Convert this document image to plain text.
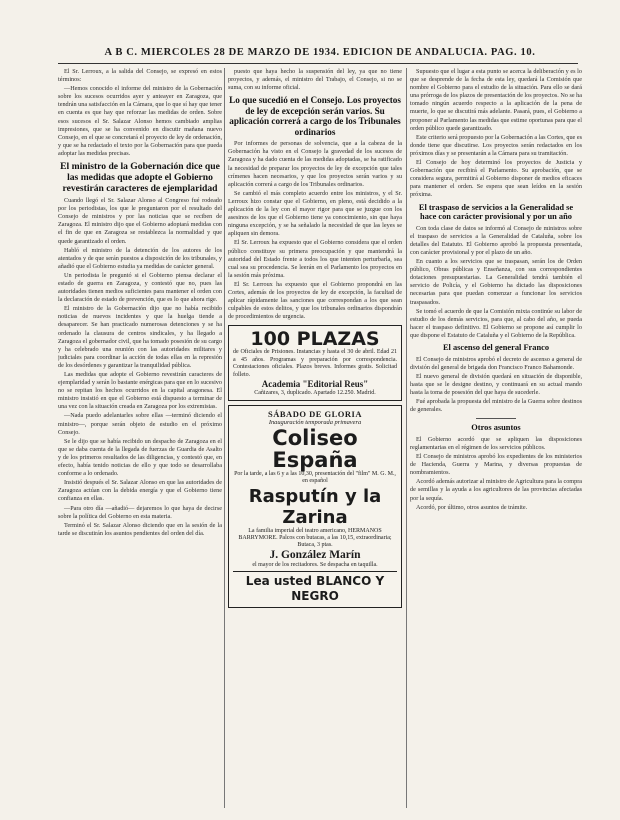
A B C. MIERCOLES 28 DE MARZO DE 1934. EDICION DE ANDALUCIA. PAG. 10.

El Sr. Lerroux, a la salida del Consejo, se expresó en estos términos:

—Hemos conocido el informe del ministro de la Gobernación sobre los sucesos ocurridos ayer y anteayer en Zaragoza, que tendrán una satisfacción en la Cámara, que lo que sí hay que tener en cuenta es que hay que reforzar las medidas de orden. Sobre esos sucesos el Sr. Salazar Alonso hemos cambiado amplias impresiones, que se ha convenido en discutir mañana nuevo Consejo, en el que se concretará el proyecto de ley de ordenación, y que se ha redactado el texto por la Gobernación para que pueda adoptar las medidas precisas.

El ministro de la Gobernación dice que las medidas que adopte el Gobierno revestirán caracteres de ejemplaridad

Cuando llegó el Sr. Salazar Alonso al Congreso fué rodeado por los periodistas, los que le preguntaron por el resultado del Consejo de ministros y por las noticias que se reciben de Zaragoza. El ministro dijo que el Gobierno adoptará medidas con el fin de que en Zaragoza se restablezca la normalidad y que quede garantizado el orden.

Habló el ministro de la detención de los autores de los atentados y de que serán puestos a disposición de los tribunales, y añadió que el Gobierno estudia ya medidas de carácter general.

Un periodista le preguntó si el Gobierno piensa declarar el estado de guerra en Zaragoza, y contestó que no, pues las autoridades tienen medios suficientes para mantener el orden con la declaración de estado de prevención, que es lo que ahora rige.

El ministro de la Gobernación dijo que no había recibido noticias de nuevos incidentes y que la huelga tiende a desaparecer. Se han practicado numerosas detenciones y se ha ordenado la clausura de centros sindicales, y ha llegado a Zaragoza el gobernador civil, que ha tomado posesión de su cargo y ha celebrado una reunión con las autoridades militares y judiciales para coordinar la acción de todas ellas en la represión de los desórdenes y garantizar la tranquilidad pública.

Las medidas que adopte el Gobierno revestirán caracteres de ejemplaridad y serán lo bastante enérgicas para que en lo sucesivo no se repitan los hechos ocurridos en la capital aragonesa. El ministro insistió en que el Gobierno está dispuesto a terminar de una vez con la situación creada en Zaragoza por los extremistas.

—Nada puedo adelantarles sobre ellas —terminó diciendo el ministro—, porque serán objeto de estudio en el próximo Consejo.

Se le dijo que se había recibido un despacho de Zaragoza en el que se daba cuenta de la llegada de fuerzas de Guardia de Asalto y de los primeros resultados de las diligencias, y contestó que, en efecto, había tenido noticias de ello y que todo se desarrollaba conforme a lo ordenado.

Insistió después el Sr. Salazar Alonso en que las autoridades de Zaragoza actúan con la debida energía y que el Gobierno tiene confianza en ellas.

—Para otro día —añadió— dejaremos lo que haya de decirse sobre la política del Gobierno en esta materia.

Terminó el Sr. Salazar Alonso diciendo que en la sesión de la tarde se discutirán los asuntos pendientes del orden del día.

puesto que haya hecho la suspensión del ley, ya que no tiene proyectos, y además, el ministro del Trabajo, el Consejo, si no se suma, con su informe oficial.

Lo que sucedió en el Consejo. Los proyectos de ley de excepción serán varios. Su aplicación correrá a cargo de los Tribunales ordinarios

Por informes de personas de solvencia, que a la cabeza de la Gobernación ha visto en el Consejo la gravedad de los sucesos de Zaragoza y ha dado cuenta de las medidas adoptadas, se ha ratificado la necesidad de preparar los proyectos de ley de excepción que tales crímenes hacen necesarios, y que los proyectos serán varios y su aplicación correrá a cargo de los Tribunales ordinarios.

Se cambió el más completo acuerdo entre los ministros, y el Sr. Lerroux hizo constar que el Gobierno, en pleno, está decidido a la aplicación de la ley con el mayor rigor para que se juzgue con los asesinos de los que el Gobierno tiene ya conocimiento, sin que haya ninguna excepción, y se ha señalado la necesidad de que las leyes se apliquen sin demora.

El Sr. Lerroux ha expuesto que el Gobierno considera que el orden público constituye su primera preocupación y que mantendrá la autoridad del Estado frente a todos los que intenten perturbarla, sea cual sea su procedencia. Se leerán en el Parlamento los proyectos en la sesión más próxima.

El Sr. Lerroux ha expuesto que el Gobierno propondrá en las Cortes, además de los proyectos de ley de excepción, la facultad de aplicar rápidamente las sanciones que correspondan a los que sean culpables de estos delitos, y que los tribunales ordinarios dispondrán de procedimientos de urgencia.

100 PLAZAS
de Oficiales de Prisiones. Instancias y hasta el 30 de abril. Edad 21 a 45 años. Programas y preparación por correspondencia. Contestaciones oficiales. Plazos breves. Informes gratis. Solicitad folleto.
Academia "Editorial Reus"
Cañizares, 3, duplicado. Apartado 12.250. Madrid.
SÁBADO DE GLORIA
Inauguración temporada primavera
Coliseo España
Por la tarde, a las 6 y a las 10,30, presentación del "film" M. G. M., en español
Rasputín y la Zarina
La familia imperial del teatro americano, HERMANOS BARRYMORE. Palcos con butacas, a las 10,15, extraordinaria; Butaca, 3 ptas.
J. González Marín
el mayor de los recitadores. Se despacha en taquilla.
Lea usted BLANCO Y NEGRO

Supuesto que el lugar a esta punto se acerca la deliberación y es lo que se desprende de la fecha de esta ley, quedará la Comisión que nombre el Gobierno para el estudio de la situación. Para ello se dará una prórroga de los plazos de presentación de los proyectos. No se ha tomado ningún acuerdo respecto a la aplicación de la pena de muerte, lo que se discutirá más adelante. Pasará, pues, el Gobierno a proponer al Parlamento las medidas que estime oportunas para que el orden público quede garantizado.

Este criterio será propuesto por la Gobernación a las Cortes, que es donde tiene que discutirse. Los proyectos serán redactados en los próximos días y se presentarán a la Cámara para su tramitación.

El Consejo de hoy determinó los proyectos de Justicia y Gobernación que recibirá el Parlamento. Su aprobación, que se considera segura, permitirá al Gobierno disponer de medios eficaces para mantener el orden. Se espera que sean leídos en la sesión próxima.

El traspaso de servicios a la Generalidad se hace con carácter provisional y por un año

Con toda clase de datos se informó al Consejo de ministros sobre el traspaso de servicios a la Generalidad de Cataluña, sobre los detalles del Estatuto. El Gobierno aprobó la propuesta presentada, con carácter provisional y por el plazo de un año.

En cuanto a los servicios que se traspasan, serán los de Orden público, Obras públicas y Enseñanza, con sus correspondientes dotaciones presupuestarias. La Generalidad tendrá también el servicio de Policía, y el Gobierno ha dictado las disposiciones necesarias para que puedan comenzar a funcionar los servicios traspasados.

Se tomó el acuerdo de que la Comisión mixta continúe su labor de estudio de los demás servicios, para que, al cabo del año, se pueda hacer el traspaso definitivo. El Gobierno se propone así cumplir lo que dispone el Estatuto de Cataluña y el Gobierno de la República.

El ascenso del general Franco

El Consejo de ministros aprobó el decreto de ascenso a general de división del general de brigada don Francisco Franco Bahamonde.

El nuevo general de división quedará en situación de disponible, hasta que se le designe destino, y continuará en su actual mando hasta la toma de posesión del que haya de sucederle.

Fué aprobada la propuesta del ministro de la Guerra sobre destinos de generales.

Otros asuntos

El Gobierno acordó que se apliquen las disposiciones reglamentarias en el régimen de los servicios públicos.

El Consejo de ministros aprobó los expedientes de los ministerios de Hacienda, Guerra y Marina, y diversas propuestas de nombramientos.

Acordó además autorizar al ministro de Agricultura para la compra de semillas y la ayuda a los agricultores de las provincias afectadas por la sequía.

Acordó, por último, otros asuntos de trámite.
